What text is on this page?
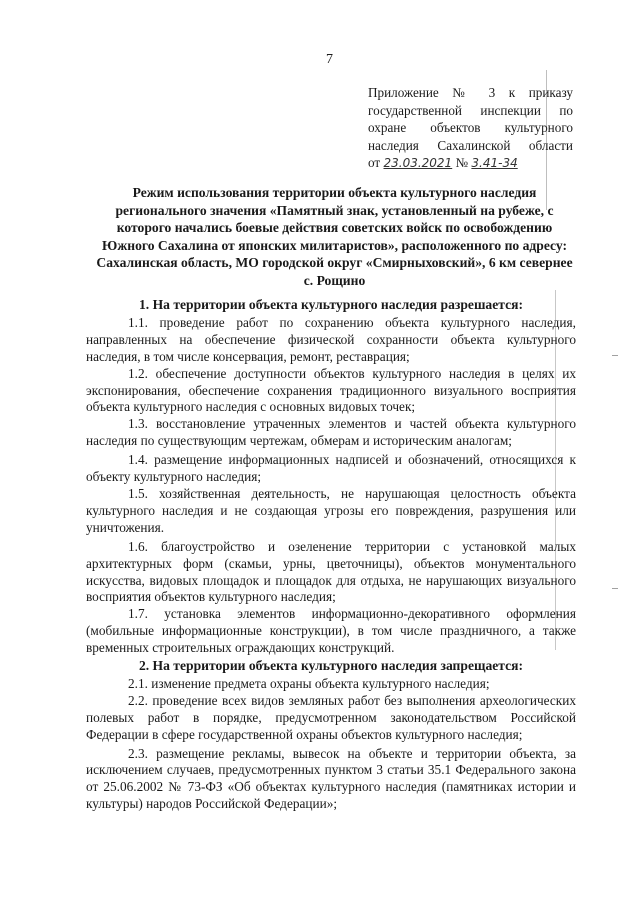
7
Приложение № 3 к приказу
государственной инспекции по
охране объектов культурного
наследия Сахалинской области
от 23.03.2021 № 3.41-34
Режим использования территории объекта культурного наследия регионального значения «Памятный знак, установленный на рубеже, с которого начались боевые действия советских войск по освобождению Южного Сахалина от японских милитаристов», расположенного по адресу: Сахалинская область, МО городской округ «Смирныховский», 6 км севернее с. Рощино

1. На территории объекта культурного наследия разрешается:

1.1. проведение работ по сохранению объекта культурного наследия, направленных на обеспечение физической сохранности объекта культурного наследия, в том числе консервация, ремонт, реставрация;

1.2. обеспечение доступности объектов культурного наследия в целях их экспонирования, обеспечение сохранения традиционного визуального восприятия объекта культурного наследия с основных видовых точек;

1.3. восстановление утраченных элементов и частей объекта культурного наследия по существующим чертежам, обмерам и историческим аналогам;

1.4. размещение информационных надписей и обозначений, относящихся к объекту культурного наследия;

1.5. хозяйственная деятельность, не нарушающая целостность объекта культурного наследия и не создающая угрозы его повреждения, разрушения или уничтожения.

1.6. благоустройство и озеленение территории с установкой малых архитектурных форм (скамьи, урны, цветочницы), объектов монументального искусства, видовых площадок и площадок для отдыха, не нарушающих визуального восприятия объектов культурного наследия;

1.7. установка элементов информационно-декоративного оформления (мобильные информационные конструкции), в том числе праздничного, а также временных строительных ограждающих конструкций.

2. На территории объекта культурного наследия запрещается:

2.1. изменение предмета охраны объекта культурного наследия;

2.2. проведение всех видов земляных работ без выполнения археологических полевых работ в порядке, предусмотренном законодательством Российской Федерации в сфере государственной охраны объектов культурного наследия;

2.3. размещение рекламы, вывесок на объекте и территории объекта, за исключением случаев, предусмотренных пунктом 3 статьи 35.1 Федерального закона от 25.06.2002 № 73-ФЗ «Об объектах культурного наследия (памятниках истории и культуры) народов Российской Федерации»;
